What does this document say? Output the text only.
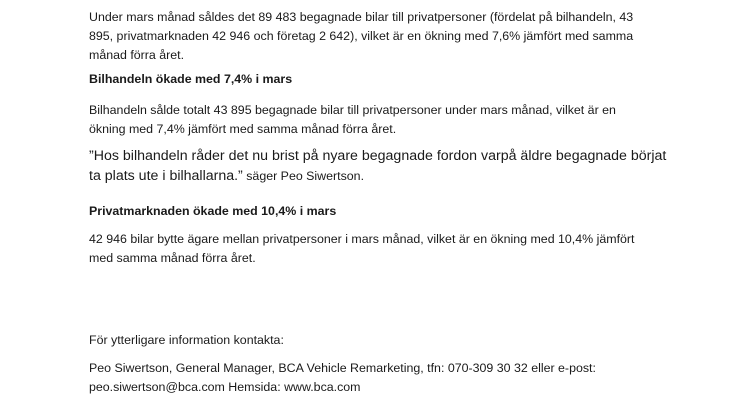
Under mars månad såldes det 89 483 begagnade bilar till privatpersoner (fördelat på bilhandeln, 43 895, privatmarknaden 42 946 och företag 2 642), vilket är en ökning med 7,6% jämfört med samma månad förra året.

Bilhandeln ökade med 7,4% i mars

Bilhandeln sålde totalt 43 895 begagnade bilar till privatpersoner under mars månad, vilket är en ökning med 7,4% jämfört med samma månad förra året.

”Hos bilhandeln råder det nu brist på nyare begagnade fordon varpå äldre begagnade börjat ta plats ute i bilhallarna.” säger Peo Siwertson.

Privatmarknaden ökade med 10,4% i mars

42 946 bilar bytte ägare mellan privatpersoner i mars månad, vilket är en ökning med 10,4% jämfört med samma månad förra året.

För ytterligare information kontakta:

Peo Siwertson, General Manager, BCA Vehicle Remarketing, tfn: 070-309 30 32 eller e-post:
peo.siwertson@bca.com Hemsida: www.bca.com
